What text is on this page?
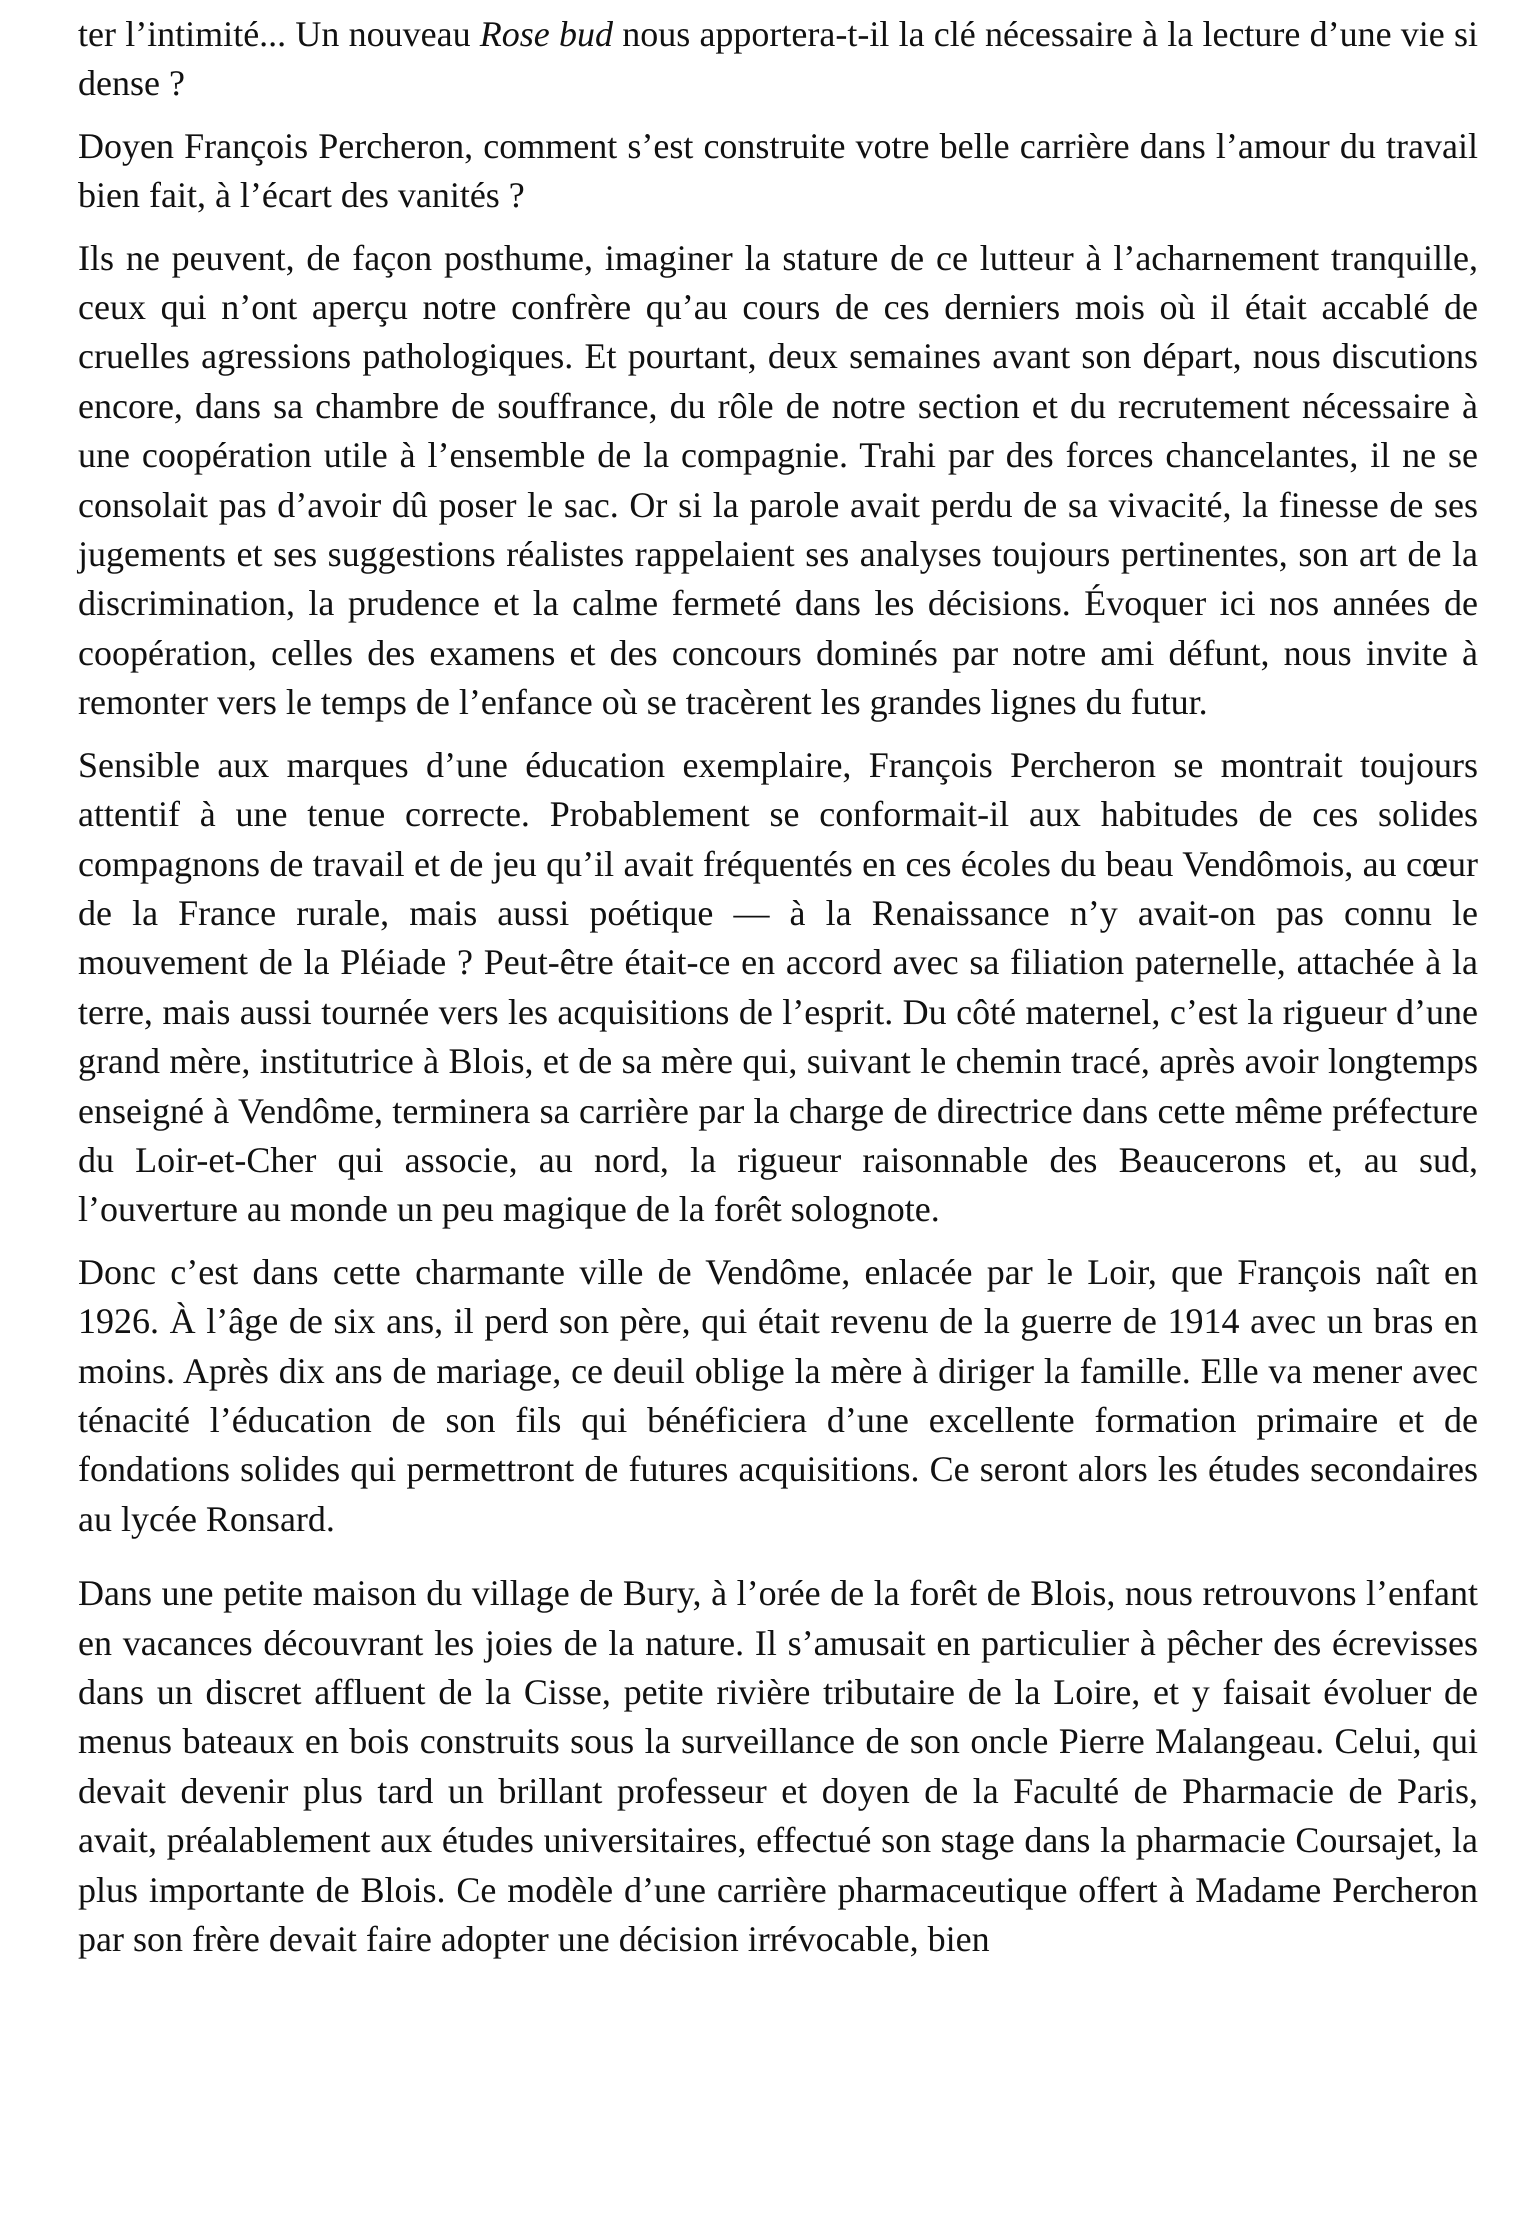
ter l’intimité... Un nouveau Rose bud nous apportera-t-il la clé nécessaire à la lecture d’une vie si dense ?

Doyen François Percheron, comment s’est construite votre belle carrière dans l’amour du travail bien fait, à l’écart des vanités ?

Ils ne peuvent, de façon posthume, imaginer la stature de ce lutteur à l’acharnement tranquille, ceux qui n’ont aperçu notre confrère qu’au cours de ces derniers mois où il était accablé de cruelles agressions pathologiques. Et pourtant, deux semaines avant son départ, nous discutions encore, dans sa chambre de souffrance, du rôle de notre section et du recrutement nécessaire à une coopération utile à l’ensemble de la compagnie. Trahi par des forces chancelantes, il ne se consolait pas d’avoir dû poser le sac. Or si la parole avait perdu de sa vivacité, la finesse de ses jugements et ses suggestions réalistes rappelaient ses analyses toujours pertinentes, son art de la discrimination, la prudence et la calme fermeté dans les décisions. Évoquer ici nos années de coopération, celles des examens et des concours dominés par notre ami défunt, nous invite à remonter vers le temps de l’enfance où se tracèrent les grandes lignes du futur.

Sensible aux marques d’une éducation exemplaire, François Percheron se montrait toujours attentif à une tenue correcte. Probablement se conformait-il aux habitudes de ces solides compagnons de travail et de jeu qu’il avait fréquentés en ces écoles du beau Vendômois, au cœur de la France rurale, mais aussi poétique — à la Renaissance n’y avait-on pas connu le mouvement de la Pléiade ? Peut-être était-ce en accord avec sa filiation paternelle, attachée à la terre, mais aussi tournée vers les acquisitions de l’esprit. Du côté maternel, c’est la rigueur d’une grand mère, institutrice à Blois, et de sa mère qui, suivant le chemin tracé, après avoir longtemps enseigné à Vendôme, terminera sa carrière par la charge de directrice dans cette même préfecture du Loir-et-Cher qui associe, au nord, la rigueur raisonnable des Beaucerons et, au sud, l’ouverture au monde un peu magique de la forêt solognote.

Donc c’est dans cette charmante ville de Vendôme, enlacée par le Loir, que François naît en 1926. À l’âge de six ans, il perd son père, qui était revenu de la guerre de 1914 avec un bras en moins. Après dix ans de mariage, ce deuil oblige la mère à diriger la famille. Elle va mener avec ténacité l’éducation de son fils qui bénéficiera d’une excellente formation primaire et de fondations solides qui permettront de futures acquisitions. Ce seront alors les études secondaires au lycée Ronsard.

Dans une petite maison du village de Bury, à l’orée de la forêt de Blois, nous retrouvons l’enfant en vacances découvrant les joies de la nature. Il s’amusait en particulier à pêcher des écrevisses dans un discret affluent de la Cisse, petite rivière tributaire de la Loire, et y faisait évoluer de menus bateaux en bois construits sous la surveillance de son oncle Pierre Malangeau. Celui, qui devait devenir plus tard un brillant professeur et doyen de la Faculté de Pharmacie de Paris, avait, préalablement aux études universitaires, effectué son stage dans la pharmacie Coursajet, la plus importante de Blois. Ce modèle d’une carrière pharmaceutique offert à Madame Percheron par son frère devait faire adopter une décision irrévocable, bien
